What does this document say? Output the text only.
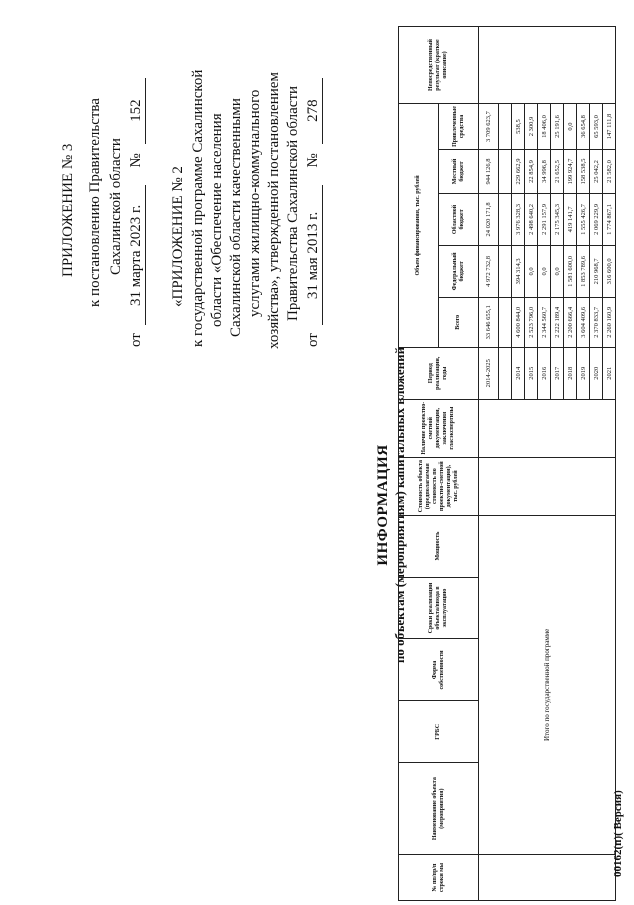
ПРИЛОЖЕНИЕ № 3 к постановлению Правительства Сахалинской области
от 31 марта 2023 г. № 152
«ПРИЛОЖЕНИЕ № 2 к государственной программе Сахалинской области «Обеспечение населения Сахалинской области качественными услугами жилищно-коммунального хозяйства», утвержденной постановлением Правительства Сахалинской области
от 31 мая 2013 г. № 278
ИНФОРМАЦИЯ по объектам (мероприятиям) капитальных вложений
№ пп/пр/п строки мы	Наименование объекта (мероприятия)	ГРБС	Форма собственности	Сроки реализации объекта/ввода в эксплуатацию	Мощность	Стоимость объекта (предполагаемая стоимость по проектно-сметной документации), тыс. рублей	Наличие проектно-сметной документации, заключения гласэкспертизы	Период реализации, годы	Объем финансирования, тыс. рублей					Непосредственный результат (краткое описание)
									Всего	Федеральный бюджет	Областной бюджет	Местный бюджет	Привлеченные средства	
	Итого по государственной программе							2014-2025	33 646 655,1	4 972 732,8	24 020 171,8	944 126,8	3 709 623,7	

								2014	4 600 844,0	394 314,3	3 976 328,3	229 662,9	538,5	
								2015	2 523 796,0	0,0	2 498 640,2	22 854,9	2 300,9	
								2016	2 344 560,7	0,0	2 291 157,9	34 996,8	18 406,0	
								2017	2 222 189,4	0,0	2 175 345,3	21 652,5	25 191,6	
								2018	2 200 666,4	1 581 600,0	419 141,7	199 924,7	0,0	
								2019	3 604 409,6	1 853 789,6	1 555 426,7	158 538,5	36 654,8	
								2020	2 370 833,7	210 968,7	2 069 229,9	25 042,2	65 593,0	
								2021	2 260 160,9	316 600,0	1 774 867,1	21 582,0	147 111,8	
00162(п)( Версия)
